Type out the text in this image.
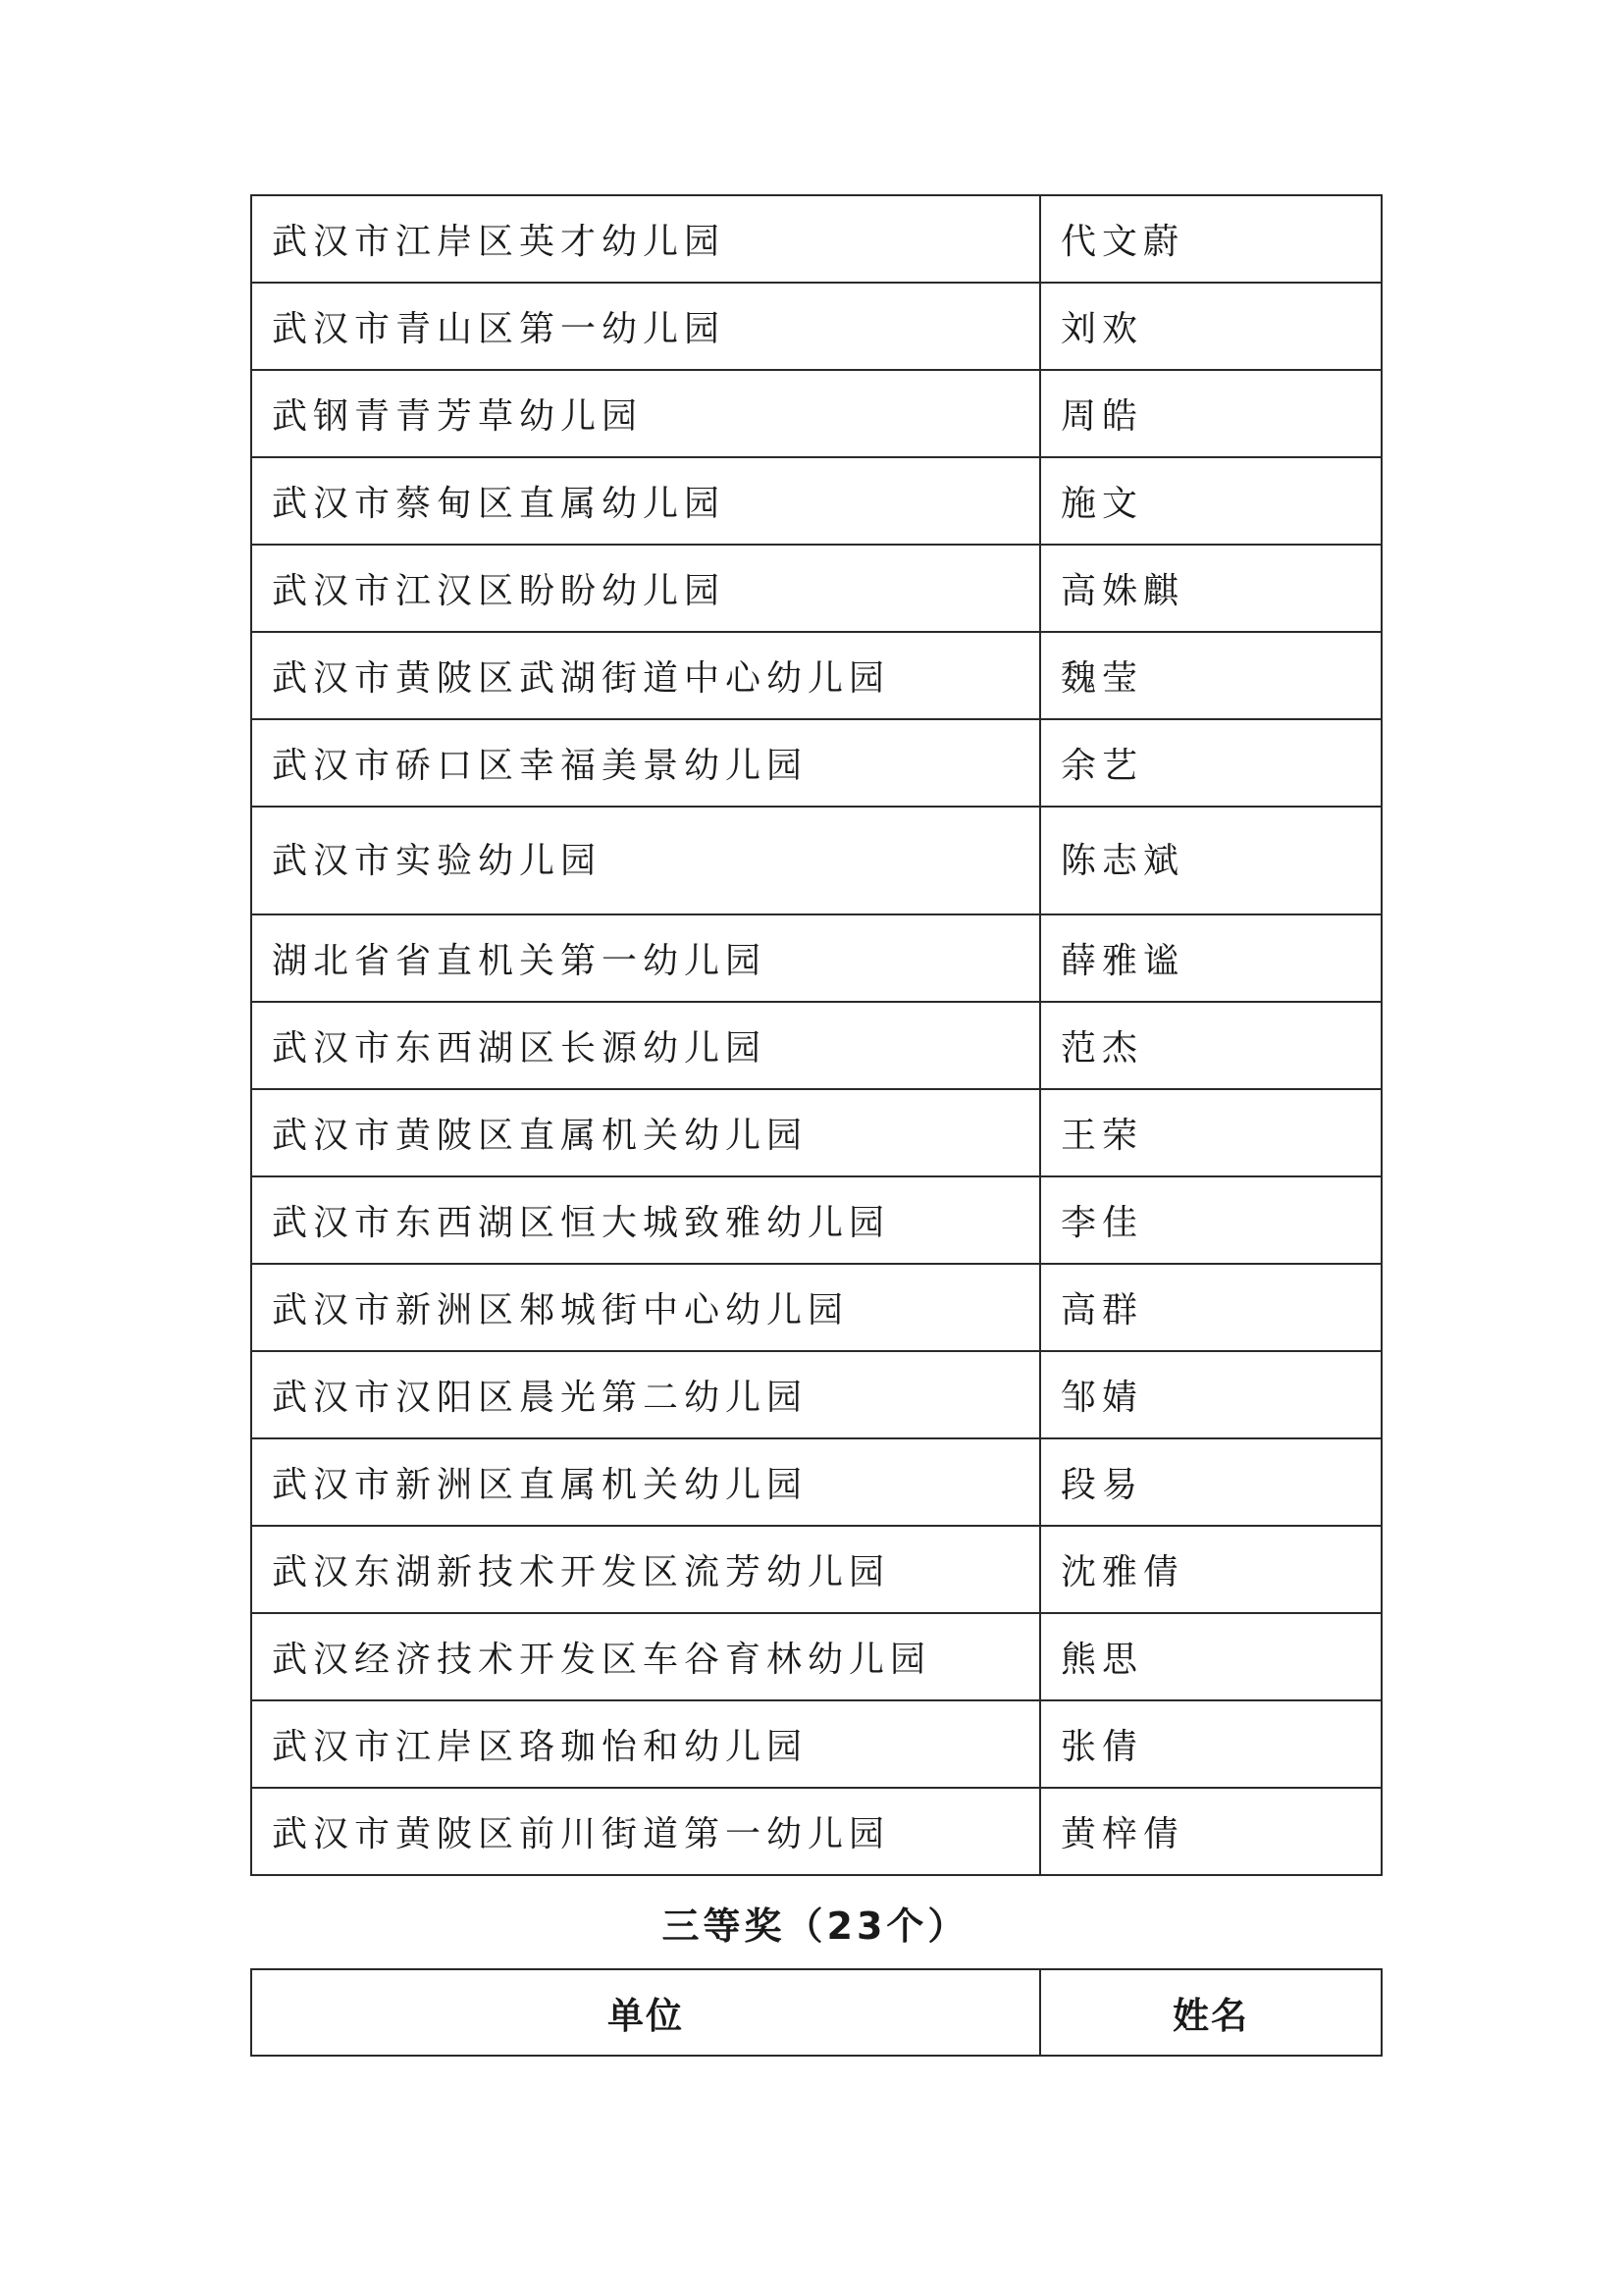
武汉市江岸区英才幼儿园	代文蔚
武汉市青山区第一幼儿园	刘欢
武钢青青芳草幼儿园	周皓
武汉市蔡甸区直属幼儿园	施文
武汉市江汉区盼盼幼儿园	高姝麒
武汉市黄陂区武湖街道中心幼儿园	魏莹
武汉市硚口区幸福美景幼儿园	余艺
武汉市实验幼儿园	陈志斌
湖北省省直机关第一幼儿园	薛雅谧
武汉市东西湖区长源幼儿园	范杰
武汉市黄陂区直属机关幼儿园	王荣
武汉市东西湖区恒大城致雅幼儿园	李佳
武汉市新洲区邾城街中心幼儿园	高群
武汉市汉阳区晨光第二幼儿园	邹婧
武汉市新洲区直属机关幼儿园	段易
武汉东湖新技术开发区流芳幼儿园	沈雅倩
武汉经济技术开发区车谷育林幼儿园	熊思
武汉市江岸区珞珈怡和幼儿园	张倩
武汉市黄陂区前川街道第一幼儿园	黄梓倩
三等奖（23个）
单位	姓名
